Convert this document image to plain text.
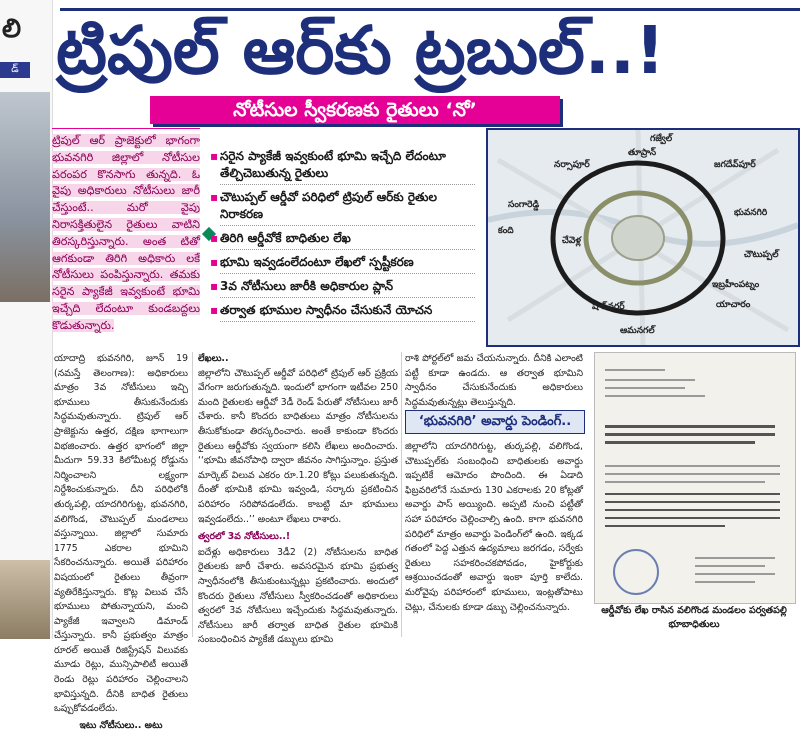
లి
డ్ ట్రిపుల్ ఆర్‌కు ట్రబుల్..!
నోటీసుల స్వీకరణకు రైతులు ‘నో’
ట్రిపుల్ ఆర్ ప్రాజెక్టులో భాగంగా భువనగిరి జిల్లాలో నోటీసుల పరంపర కొనసాగు తున్నది. ఓ వైపు అధికారులు నోటీసులు జారీ చేస్తుంటే.. మరో వైపు నిరాసక్తితులైన రైతులు వాటిని తిరస్కరిస్తున్నారు. అంత టితో ఆగకుండా తిరిగి అధికారు లకే నోటీసులు పంపిస్తున్నారు. తమకు సరైన ప్యాకేజీ ఇవ్వకుంటే భూమి ఇచ్చేది లేదంటూ కుండబద్దలు కొడుతున్నారు.
▪ సరైన ప్యాకేజీ ఇవ్వకుంటే భూమి ఇచ్చేది లేదంటూ తేల్చిచెబుతున్న రైతులు
▪ చౌటుప్పల్ ఆర్డీవో పరిధిలో ట్రిపుల్ ఆర్‌కు రైతుల నిరాకరణ
▪ తిరిగి ఆర్డీవోకే బాధితుల లేఖ
▪ భూమి ఇవ్వడంలేదంటూ లేఖలో స్పష్టీకరణ
▪ 3వ నోటీసులు జారీకి అధికారుల ప్లాన్
▪ తర్వాత భూముల స్వాధీనం చేసుకునే యోచన
గజ్వేల్
తూప్రాన్
నర్సాపూర్	జగదేవ్‌పూర్
సంగారెడ్డి
భువనగిరి
చేవెళ్ల
చౌటుప్పల్
షాద్‌నగర్
ఇబ్రహీంపట్నం
కంది
ఆమనగల్
యాచారం
యాదాద్రి భువనగిరి, జూన్ 19 (నమస్తే తెలంగాణ): అధికారులు మాత్రం 3వ నోటీసులు ఇచ్చి భూములు తీసుకునేందుకు సిద్ధమవుతున్నారు. ట్రిపుల్ ఆర్ ప్రాజెక్టును ఉత్తర, దక్షిణ భాగాలుగా విభజించారు. ఉత్తర భాగంలో జిల్లా మీదుగా 59.33 కిలోమీటర్ల రోడ్డును నిర్మించాలని లక్ష్యంగా నిర్దేశించుకున్నారు. దీని పరిధిలోకి తుర్కపల్లి, యాదగిరిగుట్ట, భువనగిరి, వలిగొండ, చౌటుప్పల్ మండలాలు వస్తున్నాయి. జిల్లాలో సుమారు 1775 ఎకరాల భూమిని సేకరించనున్నారు. అయితే పరిహారం విషయంలో రైతులు తీవ్రంగా వ్యతిరేకిస్తున్నారు. కొట్ల విలువ చేసే భూములు పోతున్నాయని, మంచి ప్యాకేజీ ఇవ్వాలని డిమాండ్ చేస్తున్నారు. కానీ ప్రభుత్వం మాత్రం రూరల్ అయితే రిజిస్ట్రేషన్ విలువకు మూడు రెట్లు, మున్సిపాలిటీ అయితే రెండు రెట్లు పరిహారం చెల్లించాలని భావిస్తున్నది. దీనికి బాధిత రైతులు ఒప్పుకోవడంలేదు.
ఇటు నోటీసులు.. అటు
లేఖలు..
జిల్లాలోని చౌటుప్పల్ ఆర్డీవో పరిధిలో ట్రిపుల్ ఆర్ ప్రక్రియ వేగంగా జరుగుతున్నది. ఇందులో భాగంగా ఇటీవల 250 మంది రైతులకు ఆర్డీవో 3డీ రెండ్ పేరుతో నోటీసులు జారీ చేశారు. కానీ కొందరు బాధితులు మాత్రం నోటీసులను తీసుకోకుండా తిరస్కరించారు. అంతే కాకుండా కొందరు రైతులు ఆర్డీవోకు స్వయంగా కలిసి లేఖలు అందించారు. ‘‘భూమి జీవనోపాధి ద్వారా జీవనం సాగిస్తున్నాం. ప్రస్తుత మార్కెట్ విలువ ఎకరం రూ.1.20 కోట్లు పలుకుతున్నది. దీంతో భూమికి భూమి ఇవ్వండి, సర్కారు ప్రకటించిన పరిహారం సరిపోవడంలేదు. కాబట్టి మా భూములు ఇవ్వడంలేదు..’’ అంటూ లేఖలు రాశారు.
త్వరలో 3వ నోటీసులు..!
ఐదేళ్లు అధికారులు 3డీ2 (2) నోటీసులను బాధిత రైతులకు జారీ చేశారు. అవసరమైన భూమి ప్రభుత్వ స్వాధీనంలోకి తీసుకుంటున్నట్లు ప్రకటించారు. అందులో కొందరు రైతులు నోటీసులు స్వీకరించడంతో అధికారులు త్వరలో 3వ నోటీసులు ఇచ్చేందుకు సిద్ధమవుతున్నారు. నోటీసులు జారీ తర్వాత బాధిత రైతుల భూమికి సంబంధించిన ప్యాకేజీ డబ్బులు భూమి
రాశి పోర్టల్‌లో జమ చేయనున్నారు. దీనికి ఎలాంటి పట్టీ కూడా ఉండదు. ఆ తర్వాత భూమిని స్వాధీనం చేసుకునేందుకు అధికారులు సిద్ధమవుతున్నట్లు తెలుస్తున్నది.
‘భువనగిరి’ అవార్డు పెండింగ్..
జిల్లాలోని యాదగిరిగుట్ట, తుర్కపల్లి, వలిగొండ, చౌటుప్పల్‌కు సంబంధించి బాధితులకు అవార్డు ఇప్పటికే ఆమోదం పొందింది. ఈ ఏడాది ఫిబ్రవరిలోనే సుమారు 130 ఎకరాలకు 20 కోట్లతో అవార్డు పాస్ అయ్యింది. అప్పటి నుంచి పట్టీతో సహా పరిహారం చెల్లించాల్సి ఉంది. కాగా భువనగిరి పరిధిలో మాత్రం అవార్డు పెండింగ్‌లో ఉంది. ఇక్కడ గతంలో పెద్ద ఎత్తున ఉద్యమాలు జరగడం, సర్వేకు రైతులు సహకరించకపోవడం, హైకోర్టుకు ఆశ్రయించడంతో అవార్డు ఇంకా పూర్తి కాలేదు. మరోవైపు పరిహారంలో భూములు, ఇంట్లతోపాటు చెట్లు, చేనులకు కూడా డబ్బు చెల్లించనున్నారు.	ఆర్డీవోకు లేఖ రాసిన వలిగొండ మండలం పర్వతపల్లి భూబాధితులు
